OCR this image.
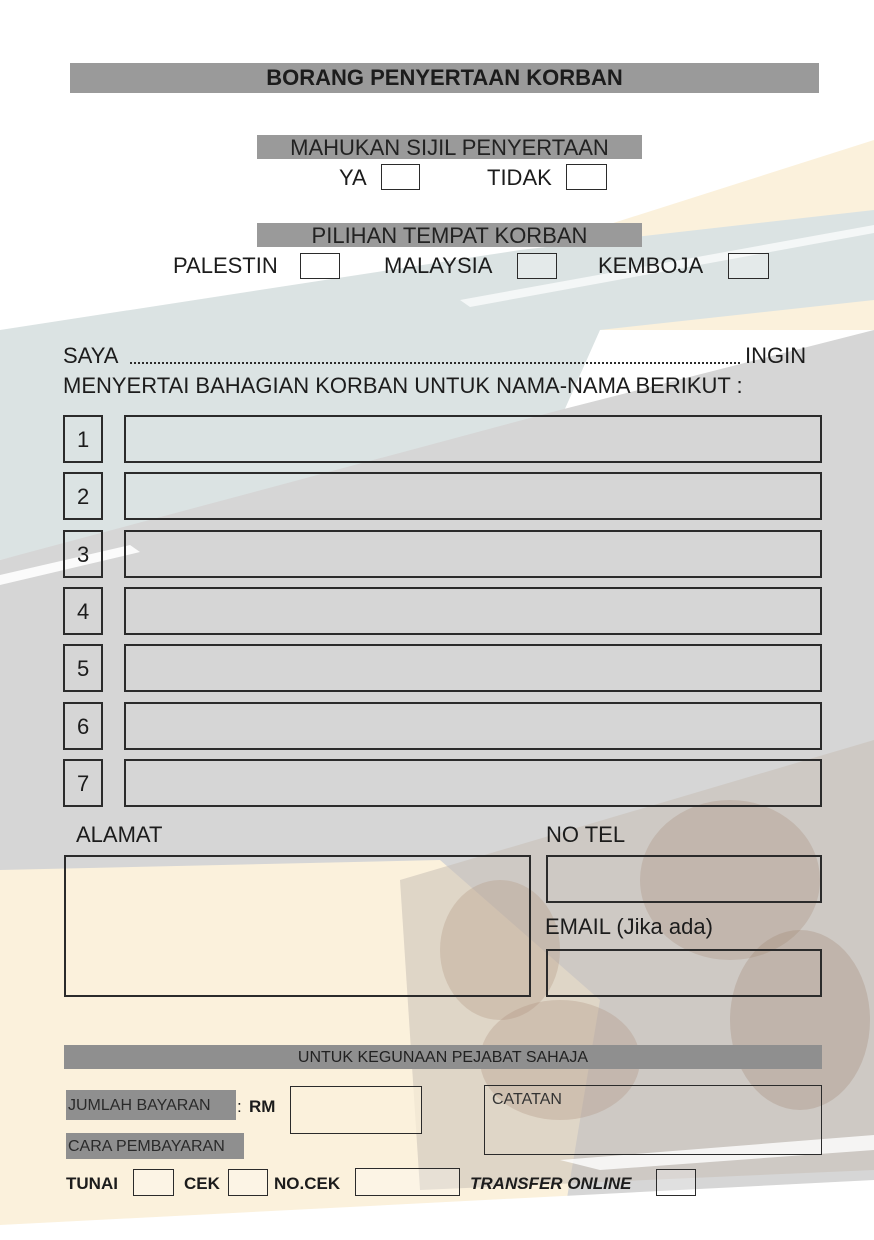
BORANG PENYERTAAN KORBAN
MAHUKAN SIJIL PENYERTAAN
YA	TIDAK
PILIHAN TEMPAT KORBAN
PALESTIN	MALAYSIA	KEMBOJA
SAYA	INGIN
MENYERTAI BAHAGIAN KORBAN UNTUK NAMA-NAMA BERIKUT :
1
2
3
4
5
6
7
ALAMAT	NO TEL
EMAIL (Jika ada)
UNTUK KEGUNAAN PEJABAT SAHAJA
JUMLAH BAYARAN	: RM	CATATAN
CARA PEMBAYARAN
TUNAI	CEK	NO.CEK	TRANSFER ONLINE
